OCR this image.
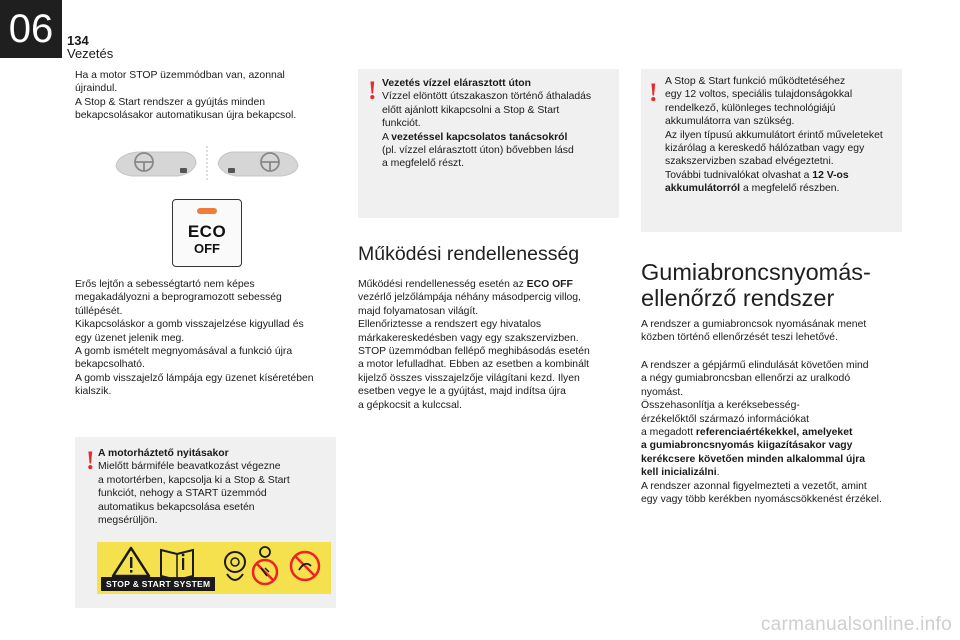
06	134
Vezetés

Ha a motor STOP üzemmódban van, azonnal

újraindul.

A Stop & Start rendszer a gyújtás minden

bekapcsolásakor automatikusan újra bekapcsol.

ECO
OFF

Erős lejtőn a sebességtartó nem képes

megakadályozni a beprogramozott sebesség

túllépését.

Kikapcsoláskor a gomb visszajelzése kigyullad és

egy üzenet jelenik meg.

A gomb ismételt megnyomásával a funkció újra

bekapcsolható.

A gomb visszajelző lámpája egy üzenet kíséretében

kialszik.

! A motorháztető nyitásakor

Mielőtt bármiféle beavatkozást végezne

a motortérben, kapcsolja ki a Stop & Start

funkciót, nehogy a START üzemmód

automatikus bekapcsolása esetén

megsérüljön.

STOP & START SYSTEM
! Vezetés vízzel elárasztott úton

Vízzel elöntött útszakaszon történő áthaladás

előtt ajánlott kikapcsolni a Stop & Start

funkciót.

A vezetéssel kapcsolatos tanácsokról

(pl. vízzel elárasztott úton) bővebben lásd

a megfelelő részt.

Működési rendellenesség

Működési rendellenesség esetén az ECO OFF

vezérlő jelzőlámpája néhány másodpercig villog,

majd folyamatosan világít.

Ellenőriztesse a rendszert egy hivatalos

márkakereskedésben vagy egy szakszervizben.

STOP üzemmódban fellépő meghibásodás esetén

a motor lefulladhat. Ebben az esetben a kombinált

kijelző összes visszajelzője világítani kezd. Ilyen

esetben vegye le a gyújtást, majd indítsa újra

a gépkocsit a kulccsal.

! A Stop & Start funkció működtetéséhez

egy 12 voltos, speciális tulajdonságokkal

rendelkező, különleges technológiájú

akkumulátorra van szükség.

Az ilyen típusú akkumulátort érintő műveleteket

kizárólag a kereskedő hálózatban vagy egy

szakszervizben szabad elvégeztetni.

További tudnivalókat olvashat a 12 V-os

akkumulátorról a megfelelő részben.

Gumiabroncsnyomás-
ellenőrző rendszer

A rendszer a gumiabroncsok nyomásának menet

közben történő ellenőrzését teszi lehetővé.

A rendszer a gépjármű elindulását követően mind

a négy gumiabroncsban ellenőrzi az uralkodó

nyomást.

Összehasonlítja a keréksebesség-

érzékelőktől származó információkat

a megadott referenciaértékekkel, amelyeket

a gumiabroncsnyomás kiigazításakor vagy

kerékcsere követően minden alkalommal újra

kell inicializálni.

A rendszer azonnal figyelmezteti a vezetőt, amint

egy vagy több kerékben nyomáscsökkenést érzékel.

carmanualsonline.info
